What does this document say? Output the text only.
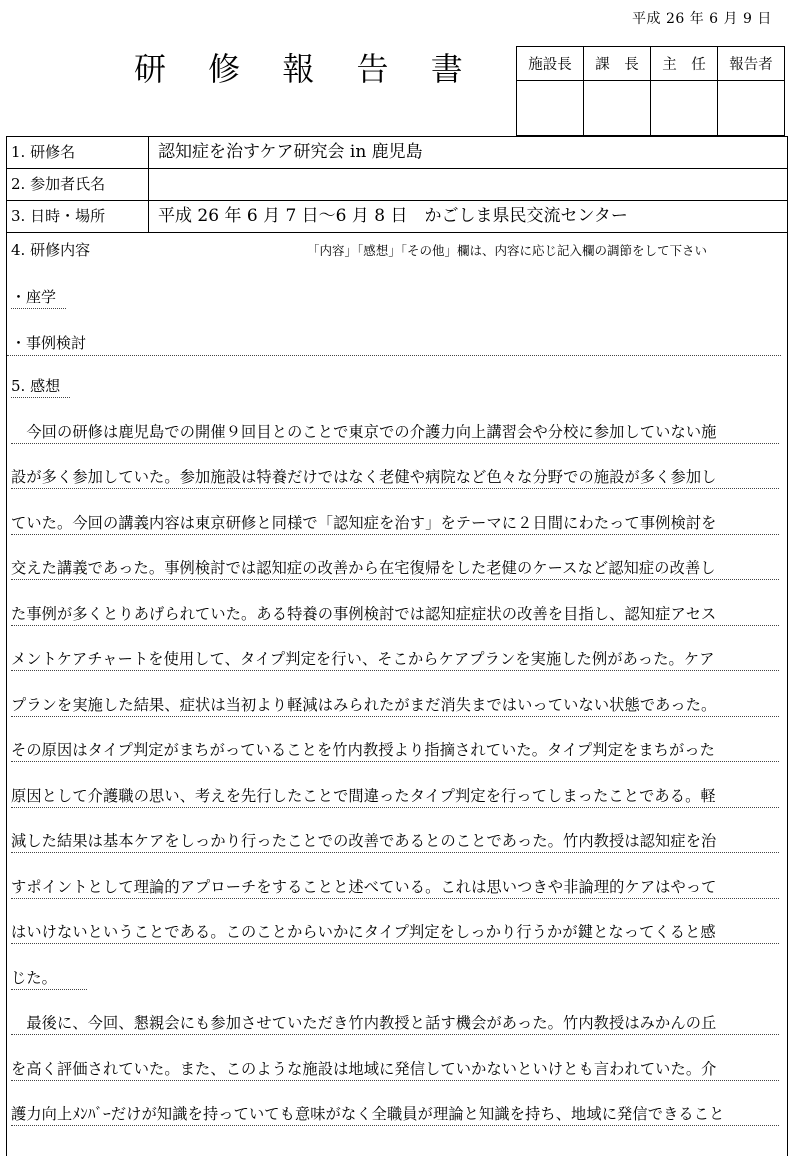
平成 26 年 6 月 9 日
研 修 報 告 書	施設長	課　長	主　任	報告者

1. 研修名	認知症を治すケア研究会 in 鹿児島
2. 参加者氏名
3. 日時・場所	平成 26 年 6 月 7 日〜6 月 8 日　かごしま県民交流センター
4. 研修内容	「内容」「感想」「その他」欄は、内容に応じ記入欄の調節をして下さい
・座学
・事例検討
5. 感想
　今回の研修は鹿児島での開催９回目とのことで東京での介護力向上講習会や分校に参加していない施
設が多く参加していた。参加施設は特養だけではなく老健や病院など色々な分野での施設が多く参加し
ていた。今回の講義内容は東京研修と同様で「認知症を治す」をテーマに２日間にわたって事例検討を
交えた講義であった。事例検討では認知症の改善から在宅復帰をした老健のケースなど認知症の改善し
た事例が多くとりあげられていた。ある特養の事例検討では認知症症状の改善を目指し、認知症アセス
メントケアチャートを使用して、タイプ判定を行い、そこからケアプランを実施した例があった。ケア
プランを実施した結果、症状は当初より軽減はみられたがまだ消失まではいっていない状態であった。
その原因はタイプ判定がまちがっていることを竹内教授より指摘されていた。タイプ判定をまちがった
原因として介護職の思い、考えを先行したことで間違ったタイプ判定を行ってしまったことである。軽
減した結果は基本ケアをしっかり行ったことでの改善であるとのことであった。竹内教授は認知症を治
すポイントとして理論的アプローチをすることと述べている。これは思いつきや非論理的ケアはやって
はいけないということである。このことからいかにタイプ判定をしっかり行うかが鍵となってくると感
じた。
　最後に、今回、懇親会にも参加させていただき竹内教授と話す機会があった。竹内教授はみかんの丘
を高く評価されていた。また、このような施設は地域に発信していかないといけとも言われていた。介
護力向上ﾒﾝﾊﾞｰだけが知識を持っていても意味がなく全職員が理論と知識を持ち、地域に発信できること
